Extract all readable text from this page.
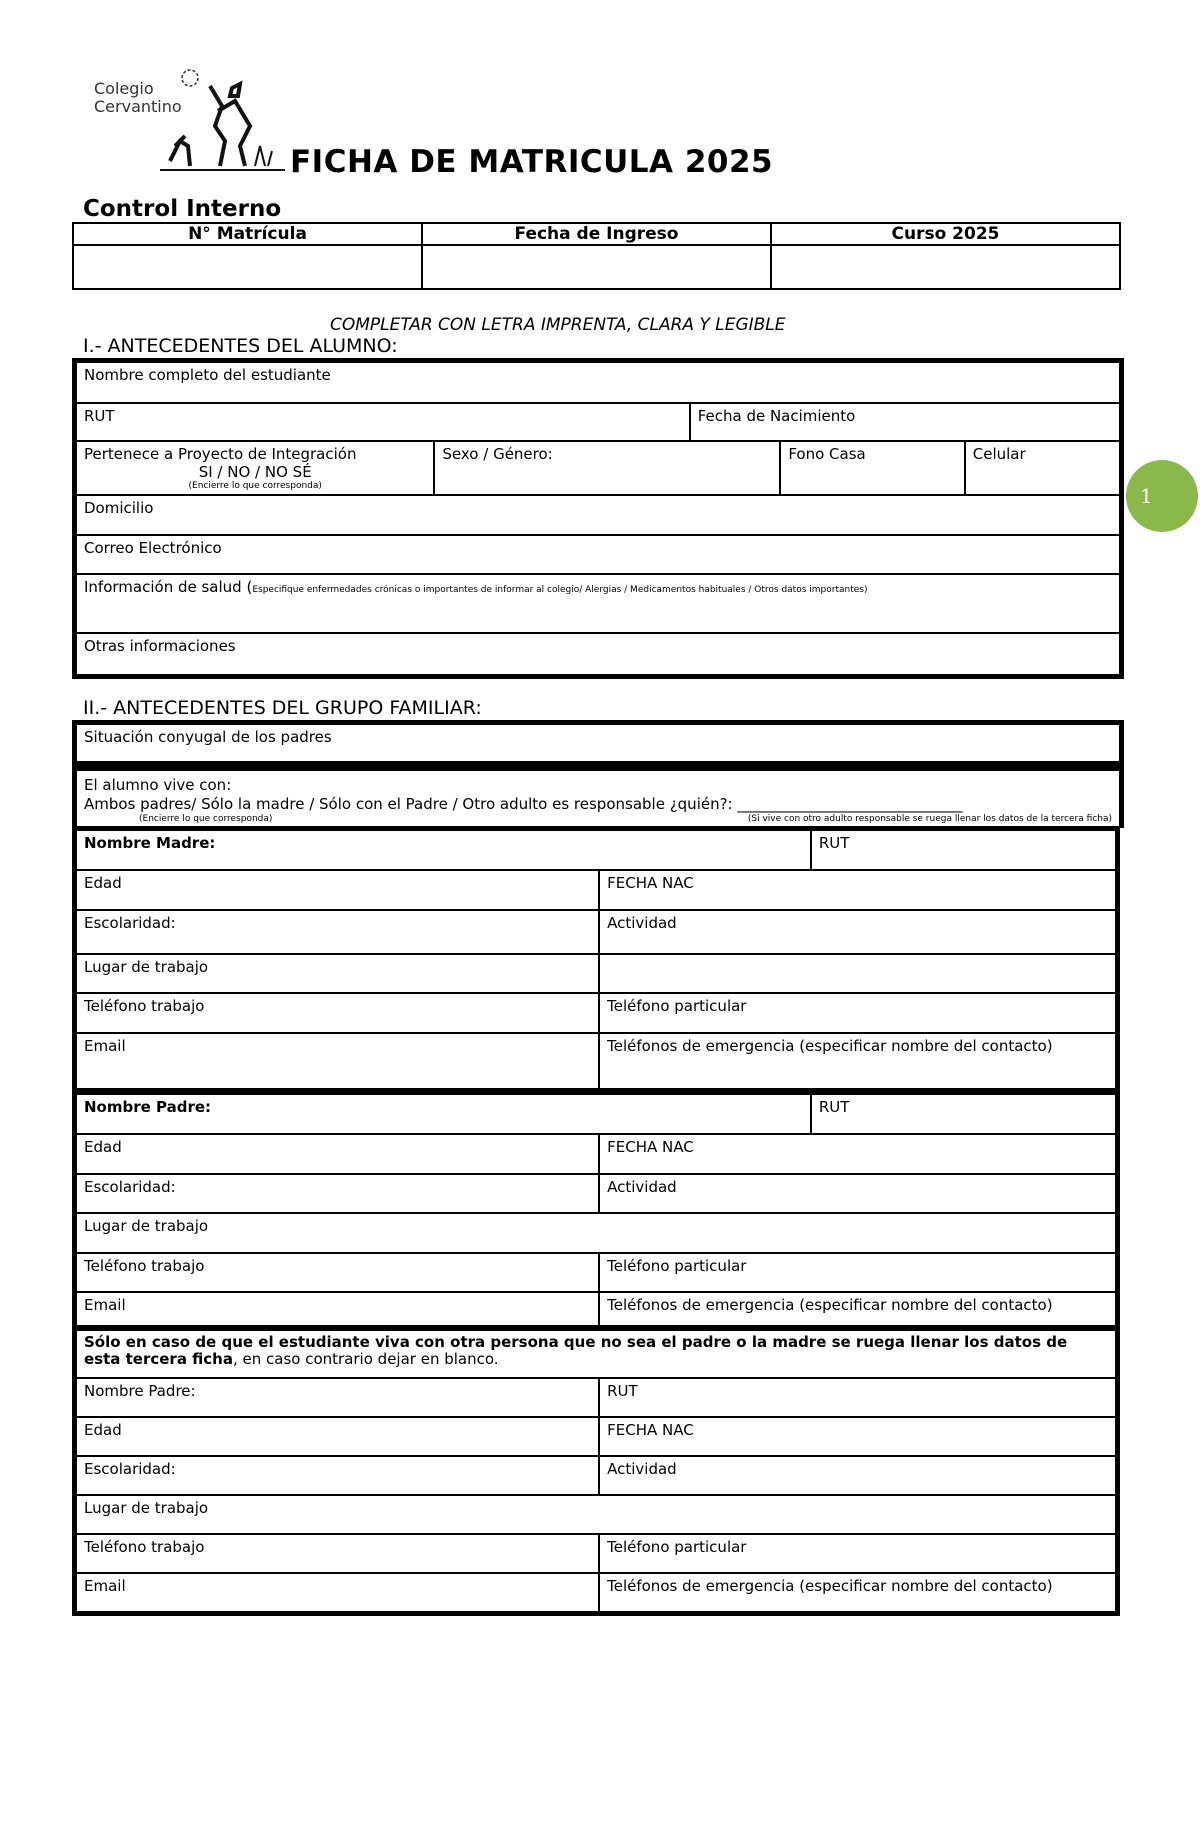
Colegio
Cervantino
FICHA DE MATRICULA 2025
Control Interno
N° Matrícula	Fecha de Ingreso	Curso 2025

COMPLETAR CON LETRA IMPRENTA, CLARA Y LEGIBLE
I.- ANTECEDENTES DEL ALUMNO:
1
Nombre completo del estudiante				
RUT		Fecha de Nacimiento		

Pertenece a Proyecto de Integración
SI / NO / NO SÉ
(Encierre lo que corresponda)	Sexo / Género:		Fono Casa	Celular
Domicilio				
Correo Electrónico				
Información de salud (Especifique enfermedades crónicas o importantes de informar al colegio/ Alergias / Medicamentos habituales / Otros datos importantes)				
Otras informaciones				
II.- ANTECEDENTES DEL GRUPO FAMILIAR:
Situación conyugal de los padres
El alumno vive con:
Ambos padres/ Sólo la madre / Sólo con el Padre / Otro adulto es responsable ¿quién?: ______________________________
(Encierre lo que corresponda)	(Si vive con otro adulto responsable se ruega llenar los datos de la tercera ficha)
Nombre Madre:		RUT
Edad	FECHA NAC	
Escolaridad:	Actividad	
Lugar de trabajo		
Teléfono trabajo	Teléfono particular	
Email	Teléfonos de emergencia (especificar nombre del contacto)	
Nombre Padre:		RUT
Edad	FECHA NAC	
Escolaridad:	Actividad	
Lugar de trabajo		
Teléfono trabajo	Teléfono particular	
Email	Teléfonos de emergencia (especificar nombre del contacto)	
Sólo en caso de que el estudiante viva con otra persona que no sea el padre o la madre se ruega llenar los datos de esta tercera ficha, en caso contrario dejar en blanco.	
Nombre Padre:	RUT
Edad	FECHA NAC
Escolaridad:	Actividad
Lugar de trabajo	
Teléfono trabajo	Teléfono particular
Email	Teléfonos de emergencia (especificar nombre del contacto)
